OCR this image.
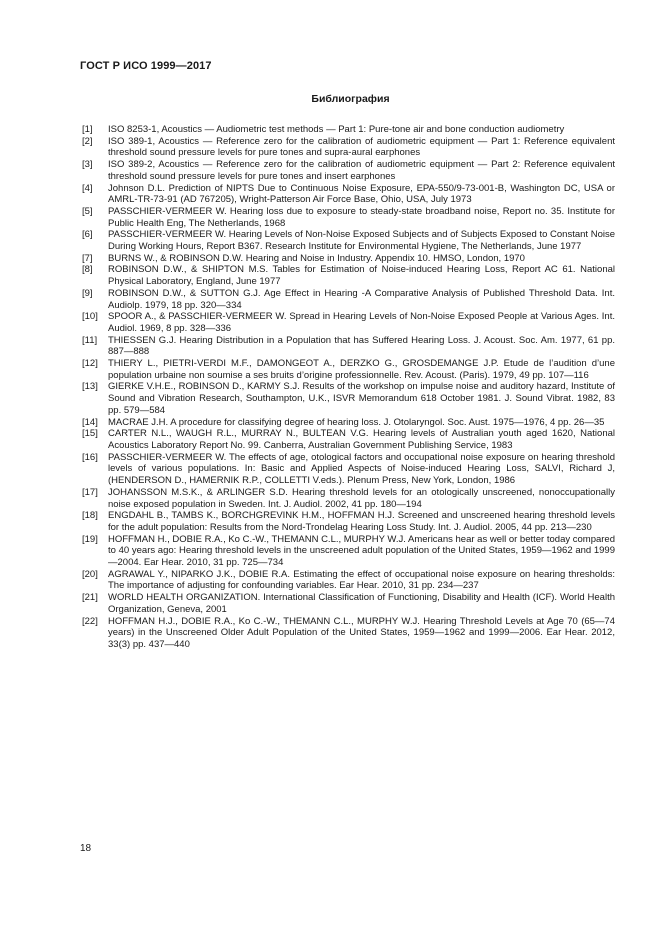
ГОСТ Р ИСО 1999—2017
Библиография
[1]	ISO 8253-1, Acoustics — Audiometric test methods — Part 1: Pure-tone air and bone conduction audiometry
[2]	ISO 389-1, Acoustics — Reference zero for the calibration of audiometric equipment — Part 1: Reference equivalent threshold sound pressure levels for pure tones and supra-aural earphones
[3]	ISO 389-2, Acoustics — Reference zero for the calibration of audiometric equipment — Part 2: Reference equivalent threshold sound pressure levels for pure tones and insert earphones
[4]	Johnson D.L. Prediction of NIPTS Due to Continuous Noise Exposure, EPA-550/9-73-001-B, Washington DC, USA or AMRL-TR-73-91 (AD 767205), Wright-Patterson Air Force Base, Ohio, USA, July 1973
[5]	PASSCHIER-VERMEER W. Hearing loss due to exposure to steady-state broadband noise, Report no. 35. Institute for Public Health Eng, The Netherlands, 1968
[6]	PASSCHIER-VERMEER W. Hearing Levels of Non-Noise Exposed Subjects and of Subjects Exposed to Constant Noise During Working Hours, Report B367. Research Institute for Environmental Hygiene, The Netherlands, June 1977
[7]	BURNS W., & ROBINSON D.W. Hearing and Noise in Industry. Appendix 10. HMSO, London, 1970
[8]	ROBINSON D.W., & SHIPTON M.S. Tables for Estimation of Noise-induced Hearing Loss, Report AC 61. National Physical Laboratory, England, June 1977
[9]	ROBINSON D.W., & SUTTON G.J. Age Effect in Hearing -A Comparative Analysis of Published Threshold Data. Int. Audiolp. 1979, 18 pp. 320—334
[10]	SPOOR A., & PASSCHIER-VERMEER W. Spread in Hearing Levels of Non-Noise Exposed People at Various Ages. Int. Audiol. 1969, 8 pp. 328—336
[11]	THIESSEN G.J. Hearing Distribution in a Population that has Suffered Hearing Loss. J. Acoust. Soc. Am. 1977, 61 pp. 887—888
[12]	THIERY L., PIETRI-VERDI M.F., DAMONGEOT A., DERZKO G., GROSDEMANGE J.P. Etude de l’audition d’une population urbaine non soumise a ses bruits d’origine professionnelle. Rev. Acoust. (Paris). 1979, 49 pp. 107—116
[13]	GIERKE V.H.E., ROBINSON D., KARMY S.J. Results of the workshop on impulse noise and auditory hazard, Institute of Sound and Vibration Research, Southampton, U.K., ISVR Memorandum 618 October 1981. J. Sound Vibrat. 1982, 83 pp. 579—584
[14]	MACRAE J.H. A procedure for classifying degree of hearing loss. J. Otolaryngol. Soc. Aust. 1975—1976, 4 pp. 26—35
[15]	CARTER N.L., WAUGH R.L., MURRAY N., BULTEAN V.G. Hearing levels of Australian youth aged 1620, National Acoustics Laboratory Report No. 99. Canberra, Australian Government Publishing Service, 1983
[16]	PASSCHIER-VERMEER W. The effects of age, otological factors and occupational noise exposure on hearing threshold levels of various populations. In: Basic and Applied Aspects of Noise-induced Hearing Loss, SALVI, Richard J, (HENDERSON D., HAMERNIK R.P., COLLETTI V.eds.). Plenum Press, New York, London, 1986
[17]	JOHANSSON M.S.K., & ARLINGER S.D. Hearing threshold levels for an otologically unscreened, nonoccupationally noise exposed population in Sweden. Int. J. Audiol. 2002, 41 pp. 180—194
[18]	ENGDAHL B., TAMBS K., BORCHGREVINK H.M., HOFFMAN H.J. Screened and unscreened hearing threshold levels for the adult population: Results from the Nord-Trondelag Hearing Loss Study. Int. J. Audiol. 2005, 44 pp. 213—230
[19]	HOFFMAN H., DOBIE R.A., Ko C.-W., THEMANN C.L., MURPHY W.J. Americans hear as well or better today compared to 40 years ago: Hearing threshold levels in the unscreened adult population of the United States, 1959—1962 and 1999—2004. Ear Hear. 2010, 31 pp. 725—734
[20]	AGRAWAL Y., NIPARKO J.K., DOBIE R.A. Estimating the effect of occupational noise exposure on hearing thresholds: The importance of adjusting for confounding variables. Ear Hear. 2010, 31 pp. 234—237
[21]	WORLD HEALTH ORGANIZATION. International Classification of Functioning, Disability and Health (ICF). World Health Organization, Geneva, 2001
[22]	HOFFMAN H.J., DOBIE R.A., Ko C.-W., THEMANN C.L., MURPHY W.J. Hearing Threshold Levels at Age 70 (65—74 years) in the Unscreened Older Adult Population of the United States, 1959—1962 and 1999—2006. Ear Hear. 2012, 33(3) pp. 437—440
18
